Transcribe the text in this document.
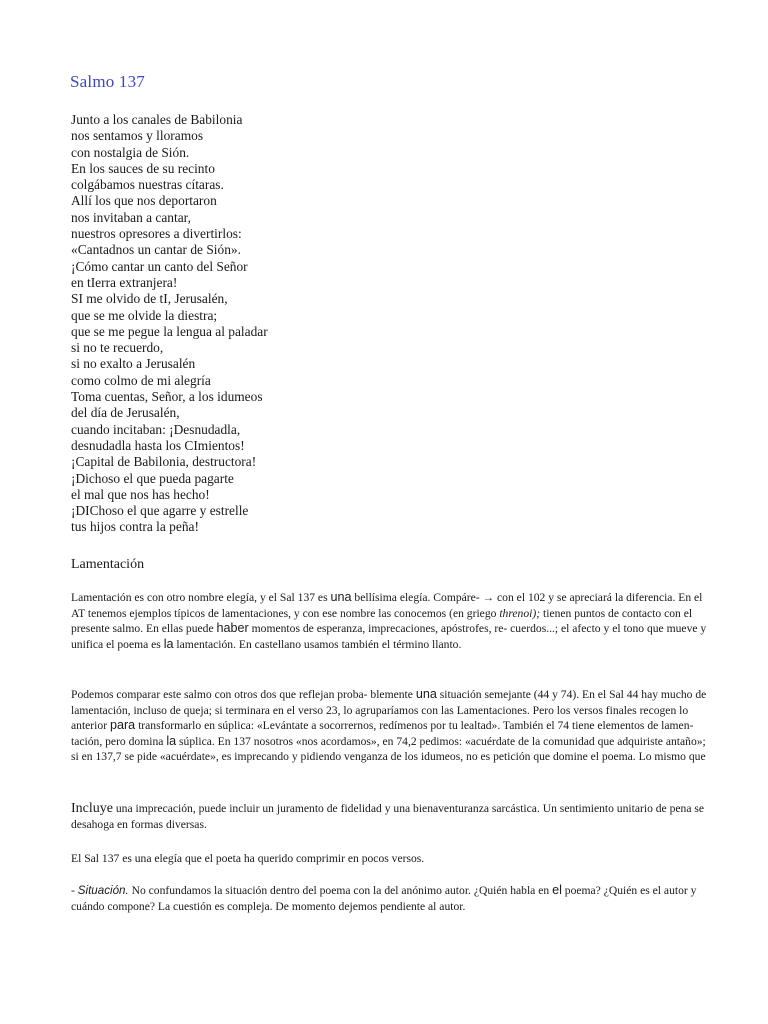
Salmo 137
Junto a los canales de Babilonia
nos sentamos y lloramos
con nostalgia de Sión.
En los sauces de su recinto
colgábamos nuestras cítaras.
Allí los que nos deportaron
nos invitaban a cantar,
nuestros opresores a divertirlos:
«Cantadnos un cantar de Sión».
¡Cómo cantar un canto del Señor
en tIerra extranjera!
SI me olvido de tI, Jerusalén,
que se me olvide la diestra;
que se me pegue la lengua al paladar
si no te recuerdo,
si no exalto a Jerusalén
como colmo de mi alegría
Toma cuentas, Señor, a los idumeos
del día de Jerusalén,
cuando incitaban: ¡Desnudadla,
desnudadla hasta los CImientos!
¡Capital de Babilonia, destructora!
¡Dichoso el que pueda pagarte
el mal que nos has hecho!
¡DIChoso el que agarre y estrelle
tus hijos contra la peña!
Lamentación

Lamentación es con otro nombre elegía, y el Sal 137 es una bellísima elegía. Compáre- → con el 102 y se apreciará la diferencia. En el AT tenemos ejemplos típicos de lamentaciones, y con ese nombre las conocemos (en griego threnoi); tienen puntos de contacto con el presente salmo. En ellas puede haber momentos de esperanza, imprecaciones, apóstrofes, re- cuerdos...; el afecto y el tono que mueve y unifica el poema es la lamentación. En castellano usamos también el término llanto.

Podemos comparar este salmo con otros dos que reflejan proba- blemente una situación semejante (44 y 74). En el Sal 44 hay mucho de lamentación, incluso de queja; si terminara en el verso 23, lo agruparíamos con las Lamentaciones. Pero los versos finales recogen lo anterior para transformarlo en súplica: «Levántate a socorrernos, redímenos por tu lealtad». También el 74 tiene elementos de lamen- tación, pero domina la súplica. En 137 nosotros «nos acordamos», en 74,2 pedimos: «acuérdate de la comunidad que adquiriste antaño»; si en 137,7 se pide «acuérdate», es imprecando y pidiendo venganza de los idumeos, no es petición que domine el poema. Lo mismo que

Incluye una imprecación, puede incluir un juramento de fidelidad y una bienaventuranza sarcástica. Un sentimiento unitario de pena se desahoga en formas diversas.

El Sal 137 es una elegía que el poeta ha querido comprimir en pocos versos.

- Situación. No confundamos la situación dentro del poema con la del anónimo autor. ¿Quién habla en el poema? ¿Quién es el autor y cuándo compone? La cuestión es compleja. De momento dejemos pendiente al autor.
